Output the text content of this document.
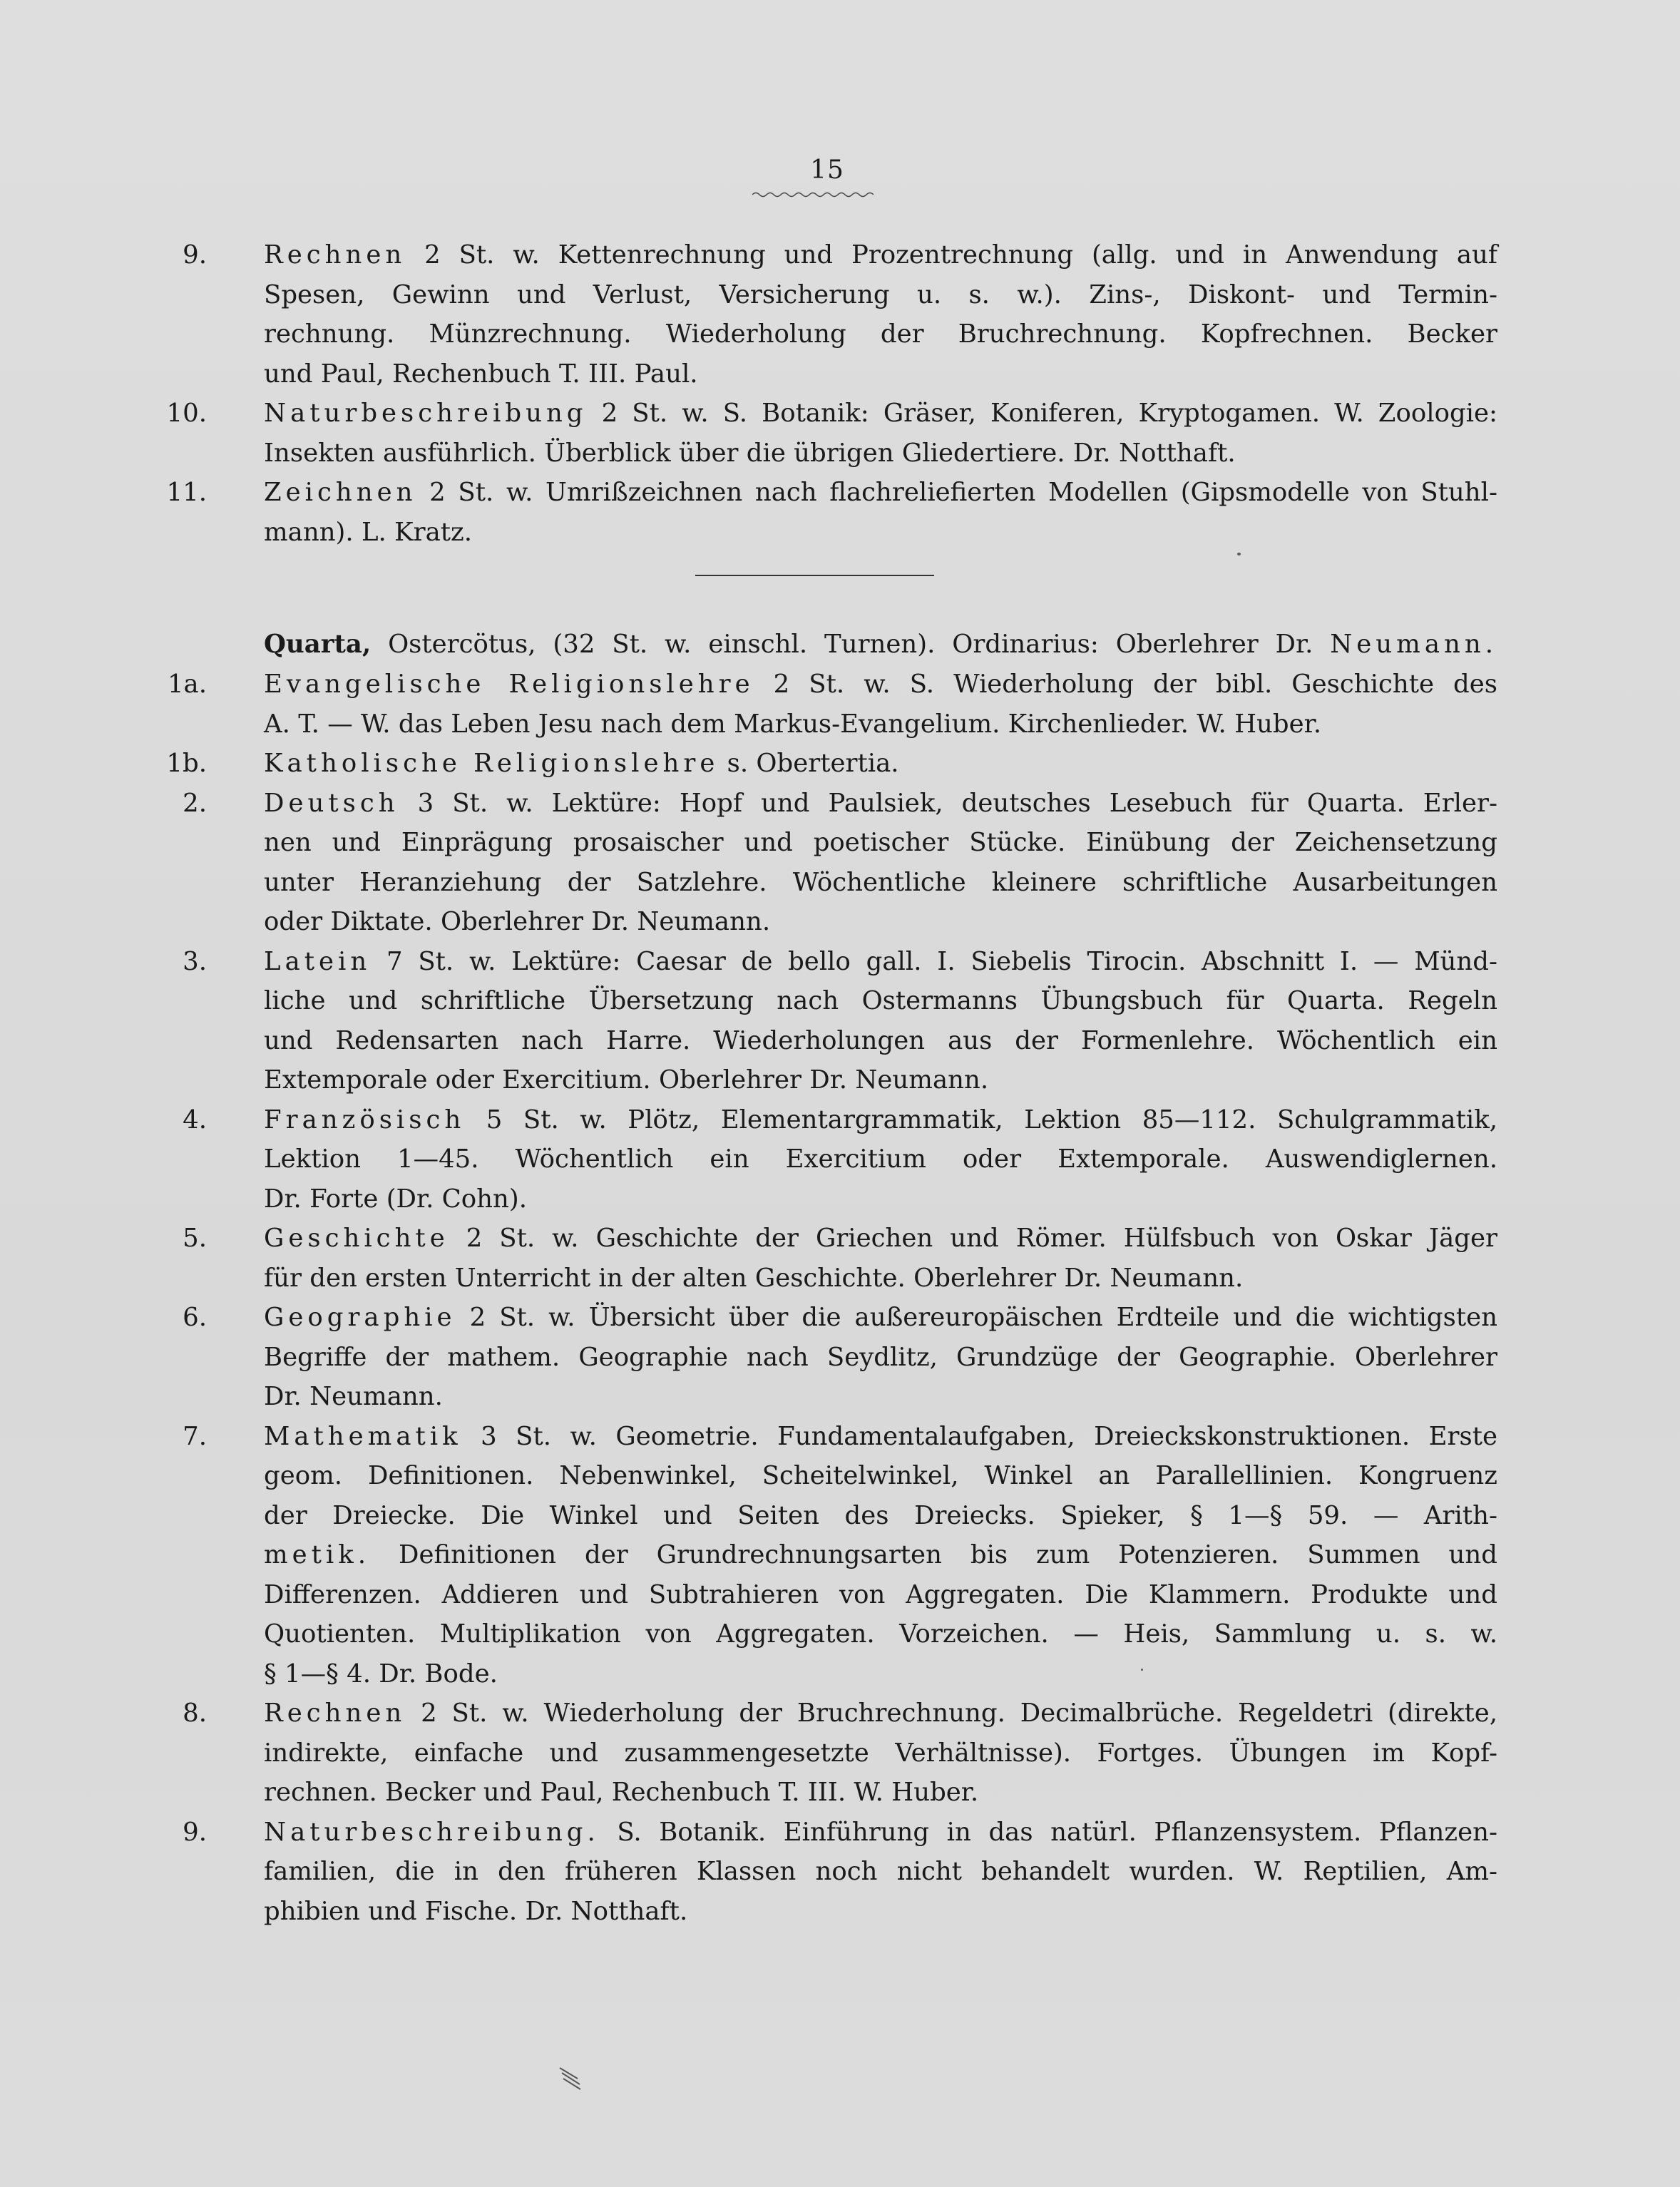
15
9. Rechnen 2 St. w. Kettenrechnung und Prozentrechnung (allg. und in Anwendung auf
Spesen, Gewinn und Verlust, Versicherung u. s. w.). Zins-, Diskont- und Termin-
rechnung. Münzrechnung. Wiederholung der Bruchrechnung. Kopfrechnen. Becker
und Paul, Rechenbuch T. III. Paul.
10. Naturbeschreibung 2 St. w. S. Botanik: Gräser, Koniferen, Kryptogamen. W. Zoologie:
Insekten ausführlich. Überblick über die übrigen Gliedertiere. Dr. Notthaft.
11. Zeichnen 2 St. w. Umrißzeichnen nach flachreliefierten Modellen (Gipsmodelle von Stuhl-
mann). L. Kratz.
Quarta, Ostercötus, (32 St. w. einschl. Turnen). Ordinarius: Oberlehrer Dr. Neumann.
1a. Evangelische Religionslehre 2 St. w. S. Wiederholung der bibl. Geschichte des
A. T. — W. das Leben Jesu nach dem Markus-Evangelium. Kirchenlieder. W. Huber.
1b. Katholische Religionslehre s. Obertertia.
2. Deutsch 3 St. w. Lektüre: Hopf und Paulsiek, deutsches Lesebuch für Quarta. Erler-
nen und Einprägung prosaischer und poetischer Stücke. Einübung der Zeichensetzung
unter Heranziehung der Satzlehre. Wöchentliche kleinere schriftliche Ausarbeitungen
oder Diktate. Oberlehrer Dr. Neumann.
3. Latein 7 St. w. Lektüre: Caesar de bello gall. I. Siebelis Tirocin. Abschnitt I. — Münd-
liche und schriftliche Übersetzung nach Ostermanns Übungsbuch für Quarta. Regeln
und Redensarten nach Harre. Wiederholungen aus der Formenlehre. Wöchentlich ein
Extemporale oder Exercitium. Oberlehrer Dr. Neumann.
4. Französisch 5 St. w. Plötz, Elementargrammatik, Lektion 85—112. Schulgrammatik,
Lektion 1—45. Wöchentlich ein Exercitium oder Extemporale. Auswendiglernen.
Dr. Forte (Dr. Cohn).
5. Geschichte 2 St. w. Geschichte der Griechen und Römer. Hülfsbuch von Oskar Jäger
für den ersten Unterricht in der alten Geschichte. Oberlehrer Dr. Neumann.
6. Geographie 2 St. w. Übersicht über die außereuropäischen Erdteile und die wichtigsten
Begriffe der mathem. Geographie nach Seydlitz, Grundzüge der Geographie. Oberlehrer
Dr. Neumann.
7. Mathematik 3 St. w. Geometrie. Fundamentalaufgaben, Dreieckskonstruktionen. Erste
geom. Definitionen. Nebenwinkel, Scheitelwinkel, Winkel an Parallellinien. Kongruenz
der Dreiecke. Die Winkel und Seiten des Dreiecks. Spieker, § 1—§ 59. — Arith-
metik. Definitionen der Grundrechnungsarten bis zum Potenzieren. Summen und
Differenzen. Addieren und Subtrahieren von Aggregaten. Die Klammern. Produkte und
Quotienten. Multiplikation von Aggregaten. Vorzeichen. — Heis, Sammlung u. s. w.
§ 1—§ 4. Dr. Bode.
8. Rechnen 2 St. w. Wiederholung der Bruchrechnung. Decimalbrüche. Regeldetri (direkte,
indirekte, einfache und zusammengesetzte Verhältnisse). Fortges. Übungen im Kopf-
rechnen. Becker und Paul, Rechenbuch T. III. W. Huber.
9. Naturbeschreibung. S. Botanik. Einführung in das natürl. Pflanzensystem. Pflanzen-
familien, die in den früheren Klassen noch nicht behandelt wurden. W. Reptilien, Am-
phibien und Fische. Dr. Notthaft.
